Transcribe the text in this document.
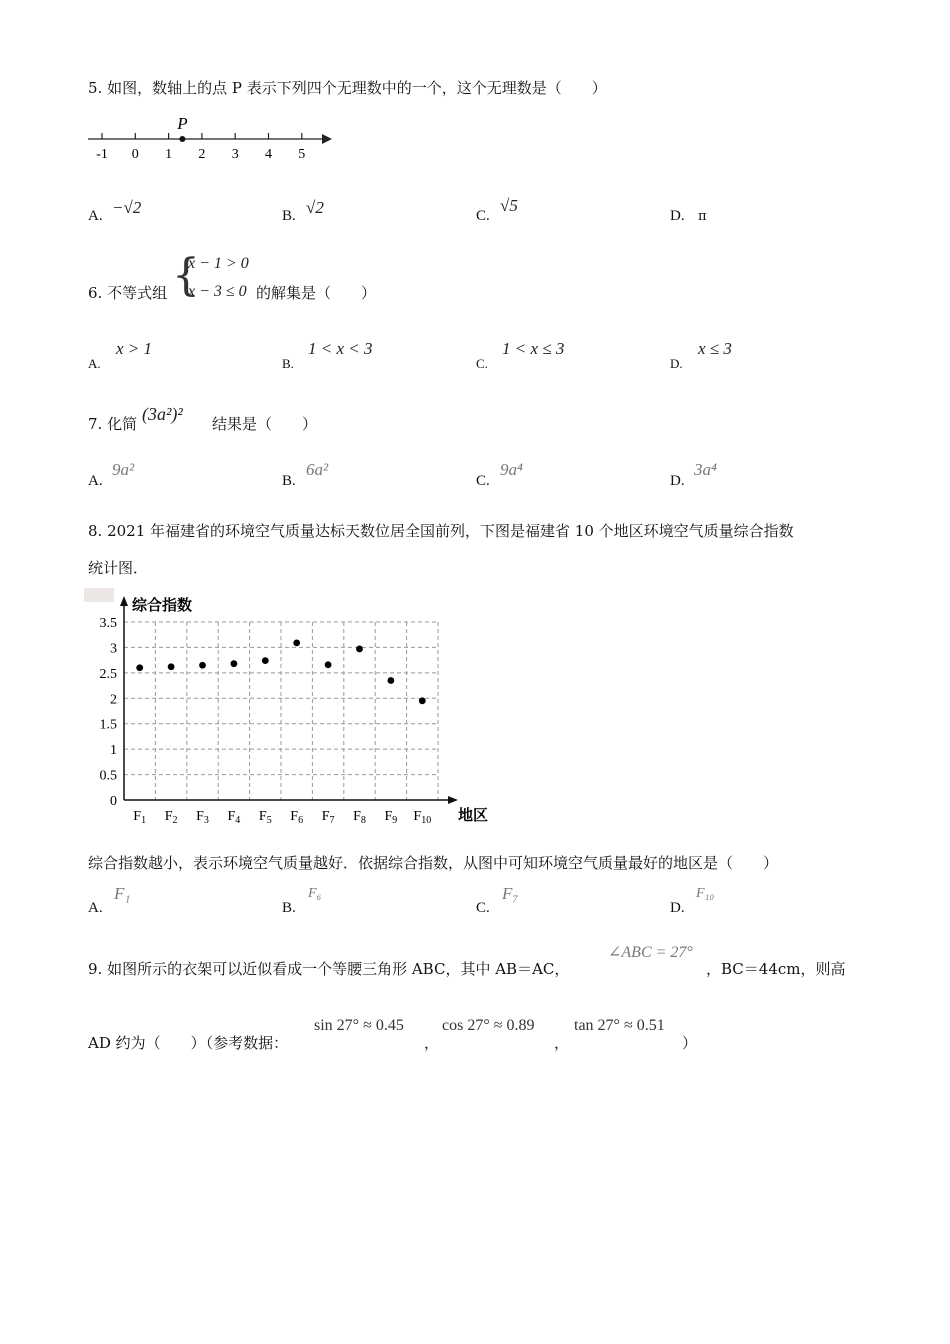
5. 如图，数轴上的点 P 表示下列四个无理数中的一个，这个无理数是（　　）
-1 0 1 2 3 4 5
P
A. −√2	B. √2	C.
√5
D. π
6. 不等式组 {
x − 1 > 0
x − 3 ≤ 0 的解集是（　　）
A.
x > 1
B.
1 < x < 3
C.
1 < x ≤ 3
D.
x ≤ 3
7. 化简 (3a²)² 结果是（　　）
A.
9a²
B.
6a²
C.
9a⁴
D.
3a⁴
8. 2021 年福建省的环境空气质量达标天数位居全国前列，下图是福建省 10 个地区环境空气质量综合指数
统计图．
0
0.5
1
1.5
2
2.5
3
3.5
$F_1$ $F_2$ $F_3$ $F_4$ $F_5$ $F_6$ $F_7$ $F_8$ $F_9$ $F_{10}$
综合指数
地区
综合指数越小，表示环境空气质量越好．依据综合指数，从图中可知环境空气质量最好的地区是（　　）
A.
F₁
B.
F₆
C.
F₇
D.
F₁₀
9. 如图所示的衣架可以近似看成一个等腰三角形 ABC，其中 AB＝AC，
∠ABC = 27°
，BC＝44cm，则高
AD 约为（　　）（参考数据：
sin 27° ≈ 0.45
，
cos 27° ≈ 0.89
，
tan 27° ≈ 0.51
）
